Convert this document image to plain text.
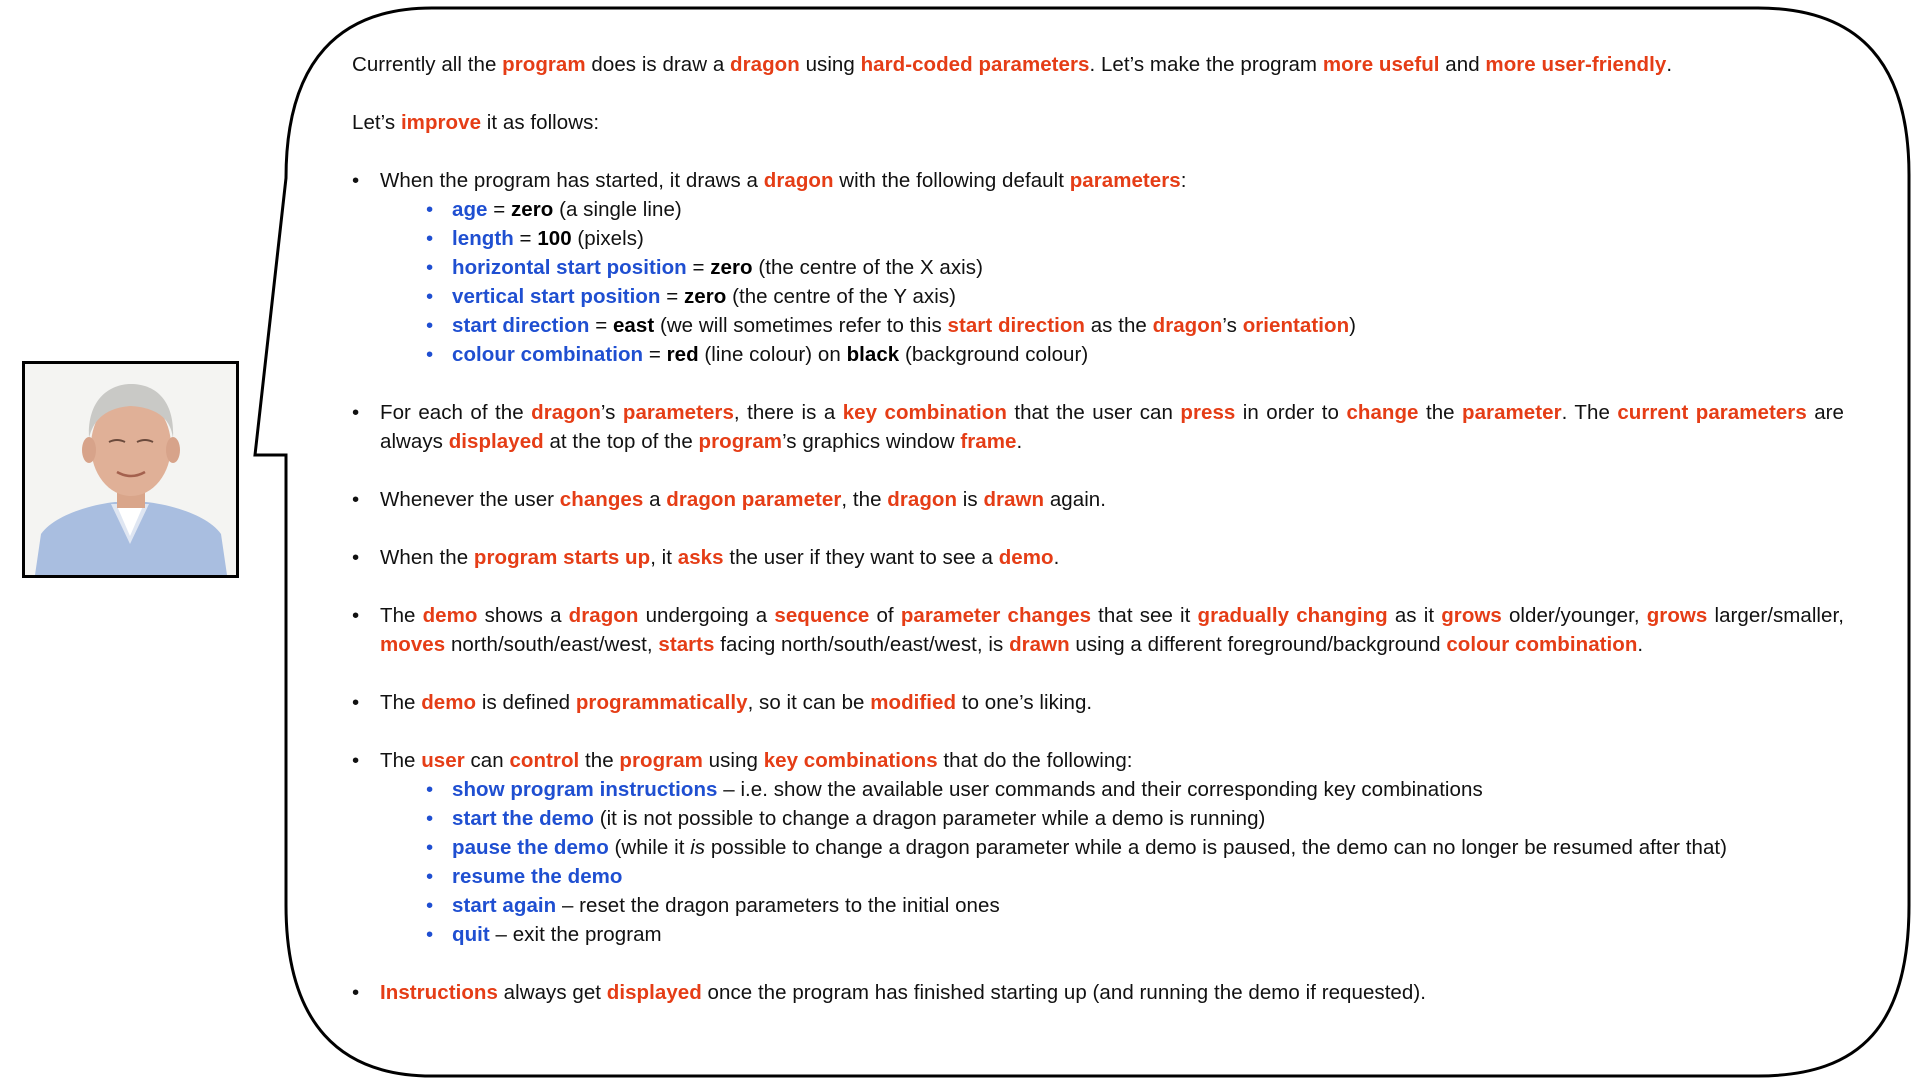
Currently all the program does is draw a dragon using hard-coded parameters. Let’s make the program more useful and more user-friendly.

Let’s improve it as follows:

• When the program has started, it draws a dragon with the following default parameters:
• age = zero (a single line)
• length = 100 (pixels)
• horizontal start position = zero (the centre of the X axis)
• vertical start position = zero (the centre of the Y axis)
• start direction = east (we will sometimes refer to this start direction as the dragon’s orientation)
• colour combination = red (line colour) on black (background colour)
• For each of the dragon’s parameters, there is a key combination that the user can press in order to change the parameter. The current parameters are always displayed at the top of the program’s graphics window frame.
• Whenever the user changes a dragon parameter, the dragon is drawn again.
• When the program starts up, it asks the user if they want to see a demo.
• The demo shows a dragon undergoing a sequence of parameter changes that see it gradually changing as it grows older/younger, grows larger/smaller, moves north/south/east/west, starts facing north/south/east/west, is drawn using a different foreground/background colour combination.
• The demo is defined programmatically, so it can be modified to one’s liking.
• The user can control the program using key combinations that do the following:
• show program instructions – i.e. show the available user commands and their corresponding key combinations
• start the demo (it is not possible to change a dragon parameter while a demo is running)
• pause the demo (while it is possible to change a dragon parameter while a demo is paused, the demo can no longer be resumed after that)
• resume the demo
• start again – reset the dragon parameters to the initial ones
• quit – exit the program
• Instructions always get displayed once the program has finished starting up (and running the demo if requested).
